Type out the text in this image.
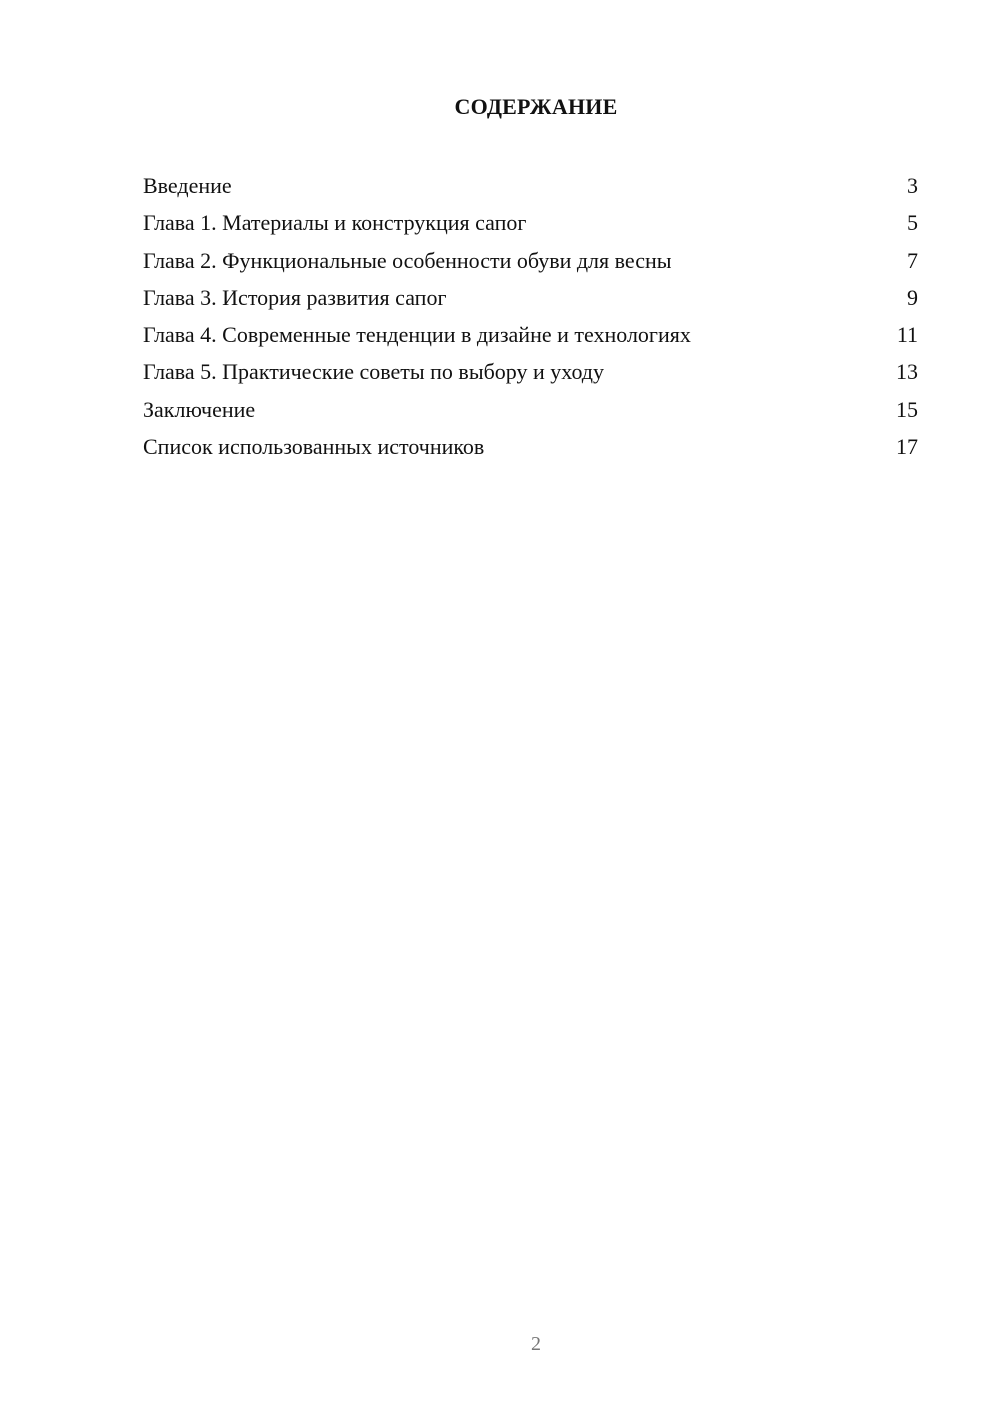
СОДЕРЖАНИЕ
Введение	3
Глава 1. Материалы и конструкция сапог	5
Глава 2. Функциональные особенности обуви для весны	7
Глава 3. История развития сапог	9
Глава 4. Современные тенденции в дизайне и технологиях	11
Глава 5. Практические советы по выбору и уходу	13
Заключение	15
Список использованных источников	17
2
